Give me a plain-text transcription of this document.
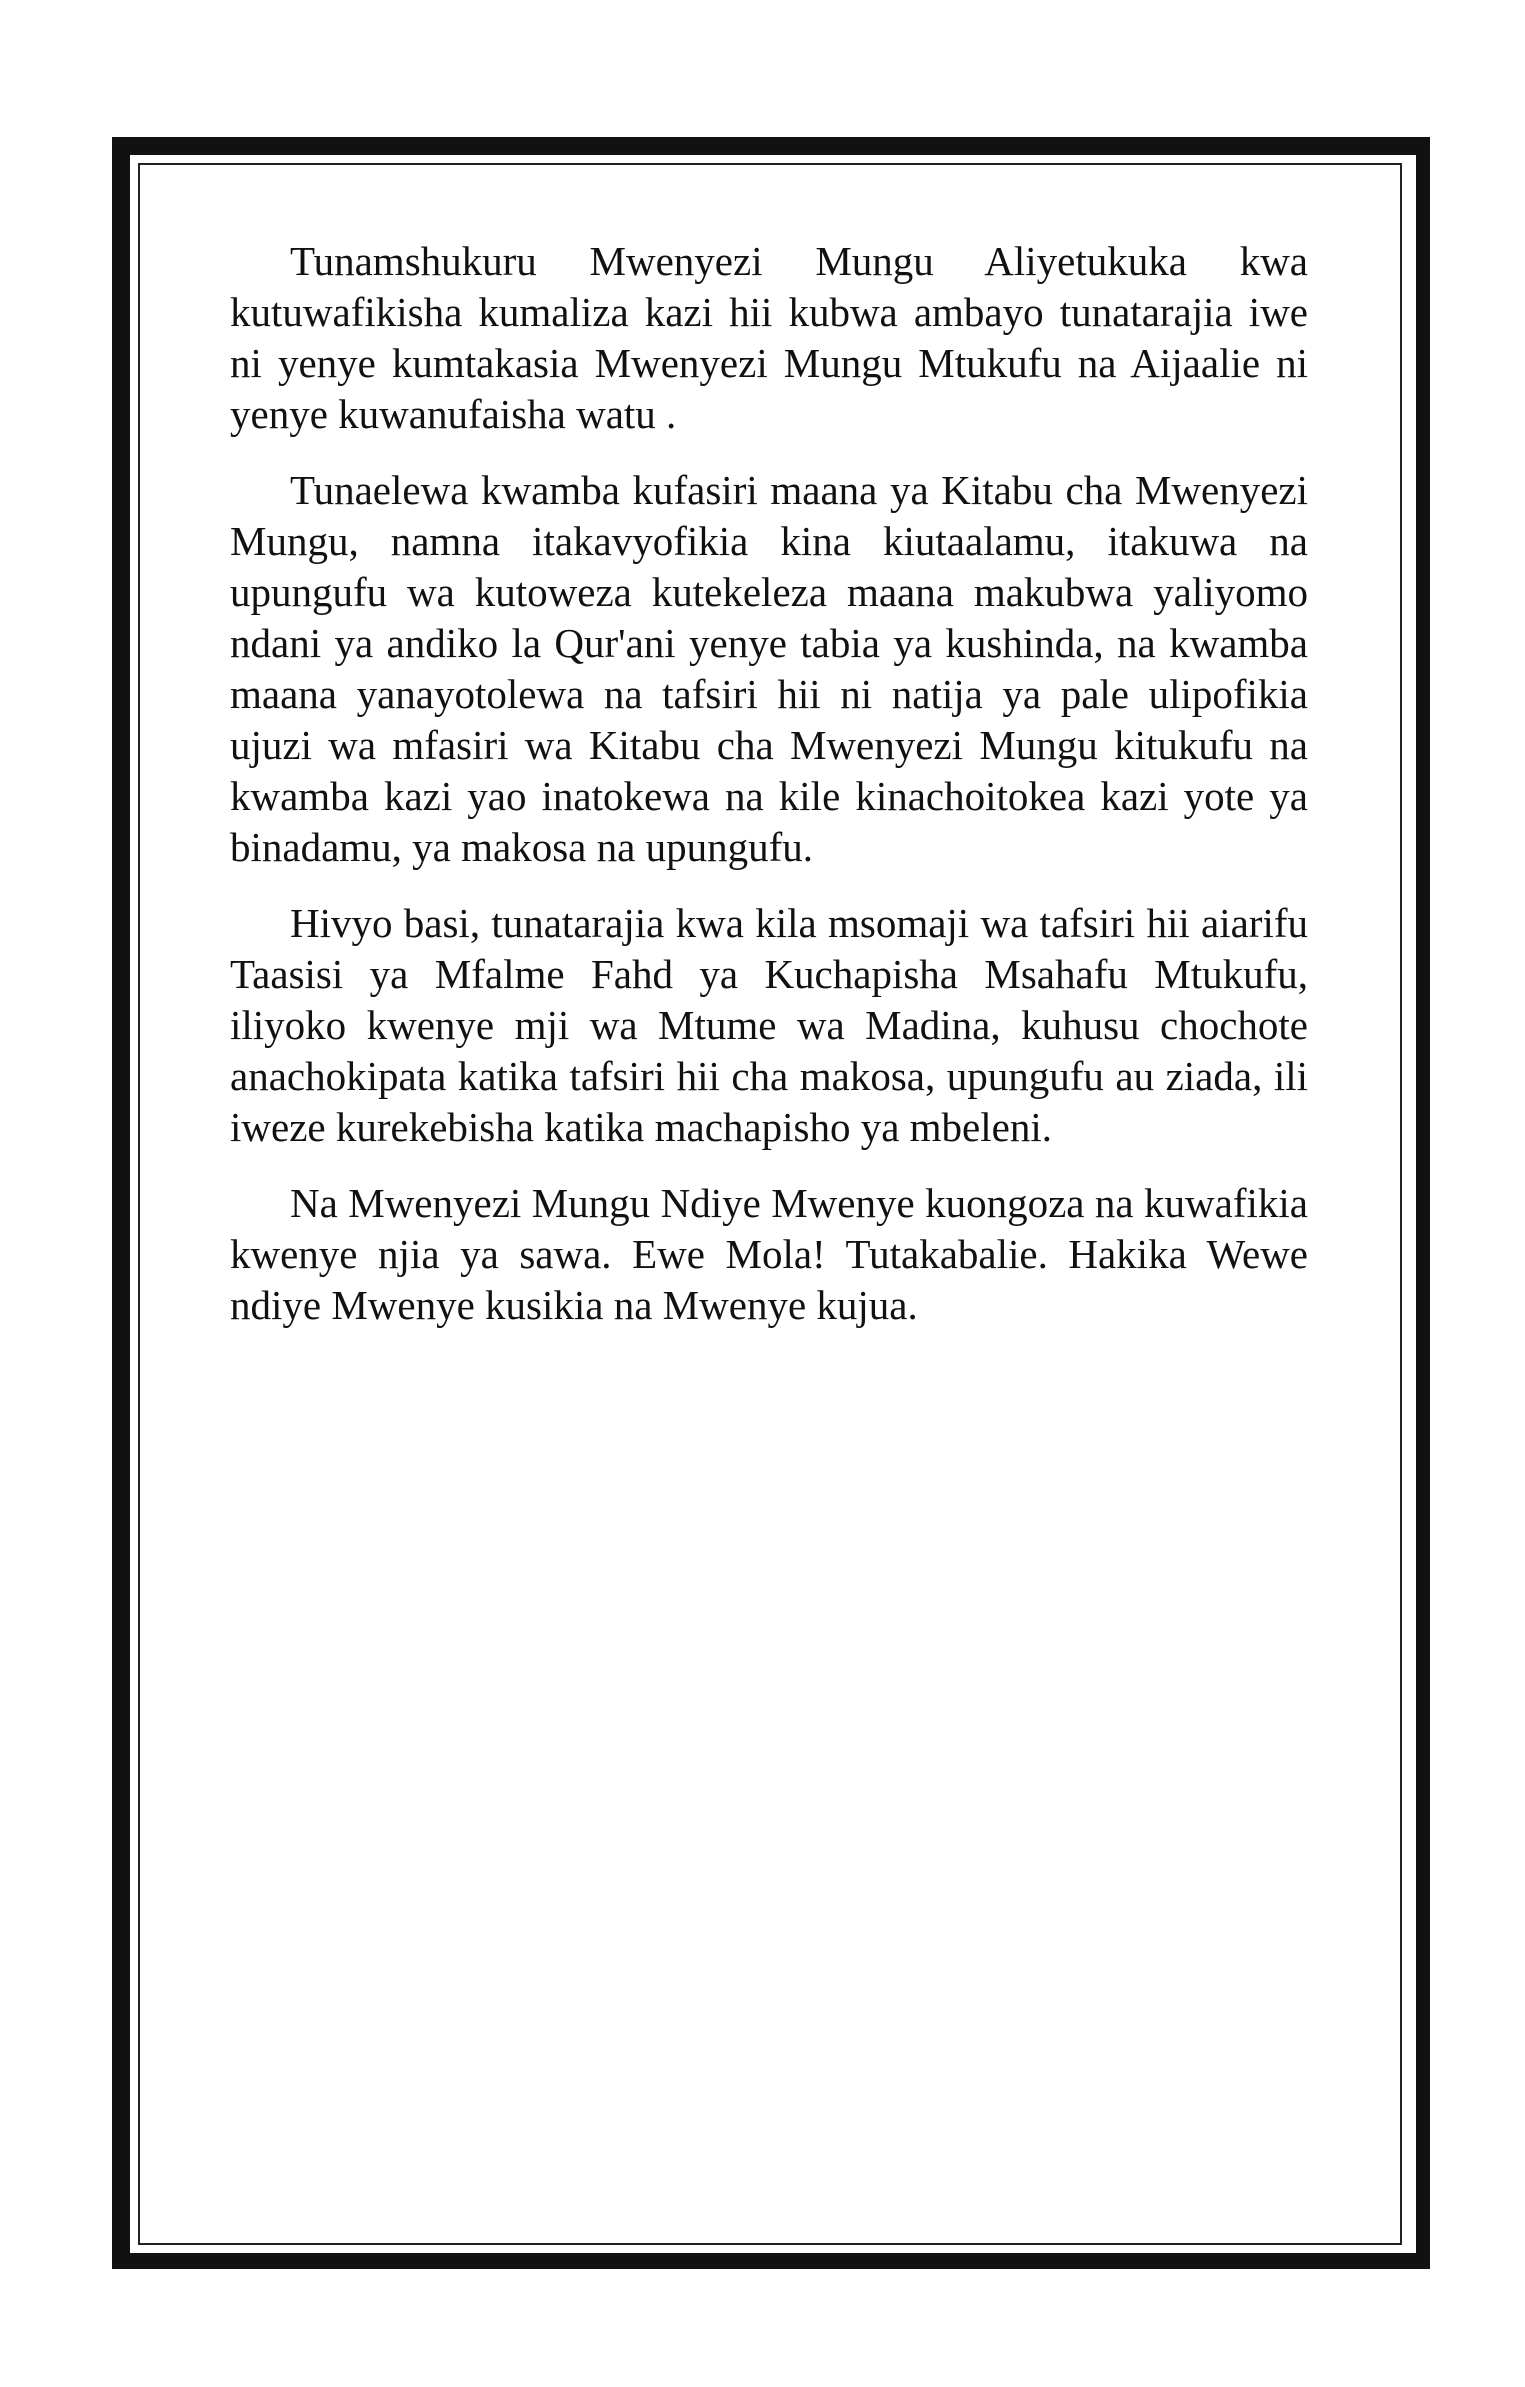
Tunamshukuru Mwenyezi Mungu Aliyetukuka kwa kutuwafikisha kumaliza kazi hii kubwa ambayo tunatarajia iwe ni yenye kumtakasia Mwenyezi Mungu Mtukufu na Aijaalie ni yenye kuwanufaisha watu .

Tunaelewa kwamba kufasiri maana ya Kitabu cha Mwenyezi Mungu, namna itakavyofikia kina kiutaalamu, itakuwa na upungufu wa kutoweza kutekeleza maana makubwa yaliyomo ndani ya andiko la Qur'ani yenye tabia ya kushinda, na kwamba maana yanayotolewa na tafsiri hii ni natija ya pale ulipofikia ujuzi wa mfasiri wa Kitabu cha Mwenyezi Mungu kitukufu na kwamba kazi yao inatokewa na kile kinachoitokea kazi yote ya binadamu, ya makosa na upungufu.

Hivyo basi, tunatarajia kwa kila msomaji wa tafsiri hii aiarifu Taasisi ya Mfalme Fahd ya Kuchapisha Msahafu Mtukufu, iliyoko kwenye mji wa Mtume wa Madina, kuhusu chochote anachokipata katika tafsiri hii cha makosa, upungufu au ziada, ili iweze kurekebisha katika machapisho ya mbeleni.

Na Mwenyezi Mungu Ndiye Mwenye kuongoza na kuwafikia kwenye njia ya sawa. Ewe Mola! Tutakabalie. Hakika Wewe ndiye Mwenye kusikia na Mwenye kujua.
